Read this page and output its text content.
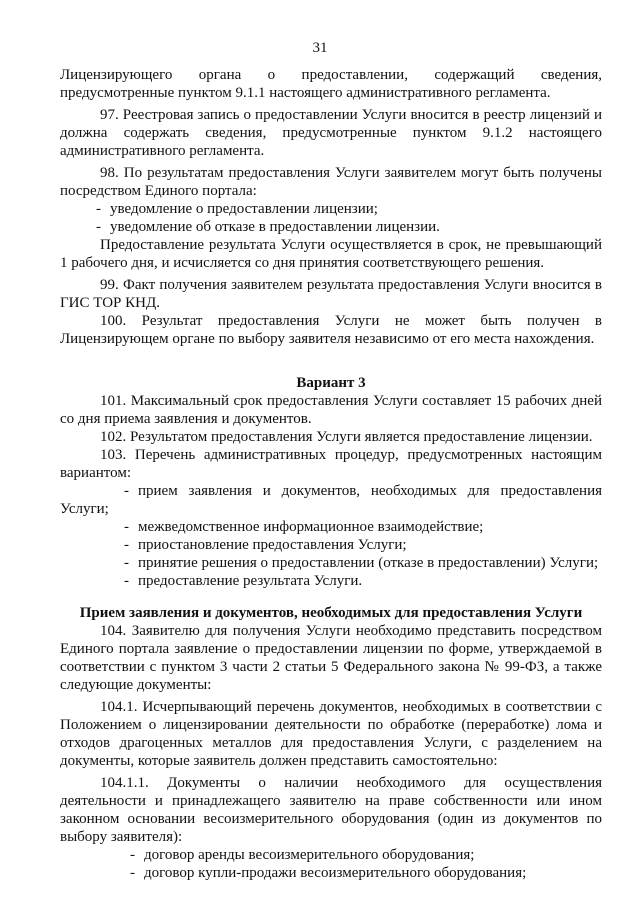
31

Лицензирующего органа о предоставлении, содержащий сведения, предусмотренные пунктом 9.1.1 настоящего административного регламента.

97. Реестровая запись о предоставлении Услуги вносится в реестр лицензий и должна содержать сведения, предусмотренные пунктом 9.1.2 настоящего административного регламента.

98. По результатам предоставления Услуги заявителем могут быть получены посредством Единого портала:

- уведомление о предоставлении лицензии;

- уведомление об отказе в предоставлении лицензии.

Предоставление результата Услуги осуществляется в срок, не превышающий 1 рабочего дня, и исчисляется со дня принятия соответствующего решения.

99. Факт получения заявителем результата предоставления Услуги вносится в ГИС ТОР КНД.

100. Результат предоставления Услуги не может быть получен в Лицензирующем органе по выбору заявителя независимо от его места нахождения.

Вариант 3

101. Максимальный срок предоставления Услуги составляет 15 рабочих дней со дня приема заявления и документов.

102. Результатом предоставления Услуги является предоставление лицензии.

103. Перечень административных процедур, предусмотренных настоящим вариантом:

- прием заявления и документов, необходимых для предоставления Услуги;

- межведомственное информационное взаимодействие;

- приостановление предоставления Услуги;

- принятие решения о предоставлении (отказе в предоставлении) Услуги;

- предоставление результата Услуги.

Прием заявления и документов, необходимых для предоставления Услуги

104. Заявителю для получения Услуги необходимо представить посредством Единого портала заявление о предоставлении лицензии по форме, утверждаемой в соответствии с пунктом 3 части 2 статьи 5 Федерального закона № 99-ФЗ, а также следующие документы:

104.1. Исчерпывающий перечень документов, необходимых в соответствии с Положением о лицензировании деятельности по обработке (переработке) лома и отходов драгоценных металлов для предоставления Услуги, с разделением на документы, которые заявитель должен представить самостоятельно:

104.1.1. Документы о наличии необходимого для осуществления деятельности и принадлежащего заявителю на праве собственности или ином законном основании весоизмерительного оборудования (один из документов по выбору заявителя):

- договор аренды весоизмерительного оборудования;

- договор купли-продажи весоизмерительного оборудования;
